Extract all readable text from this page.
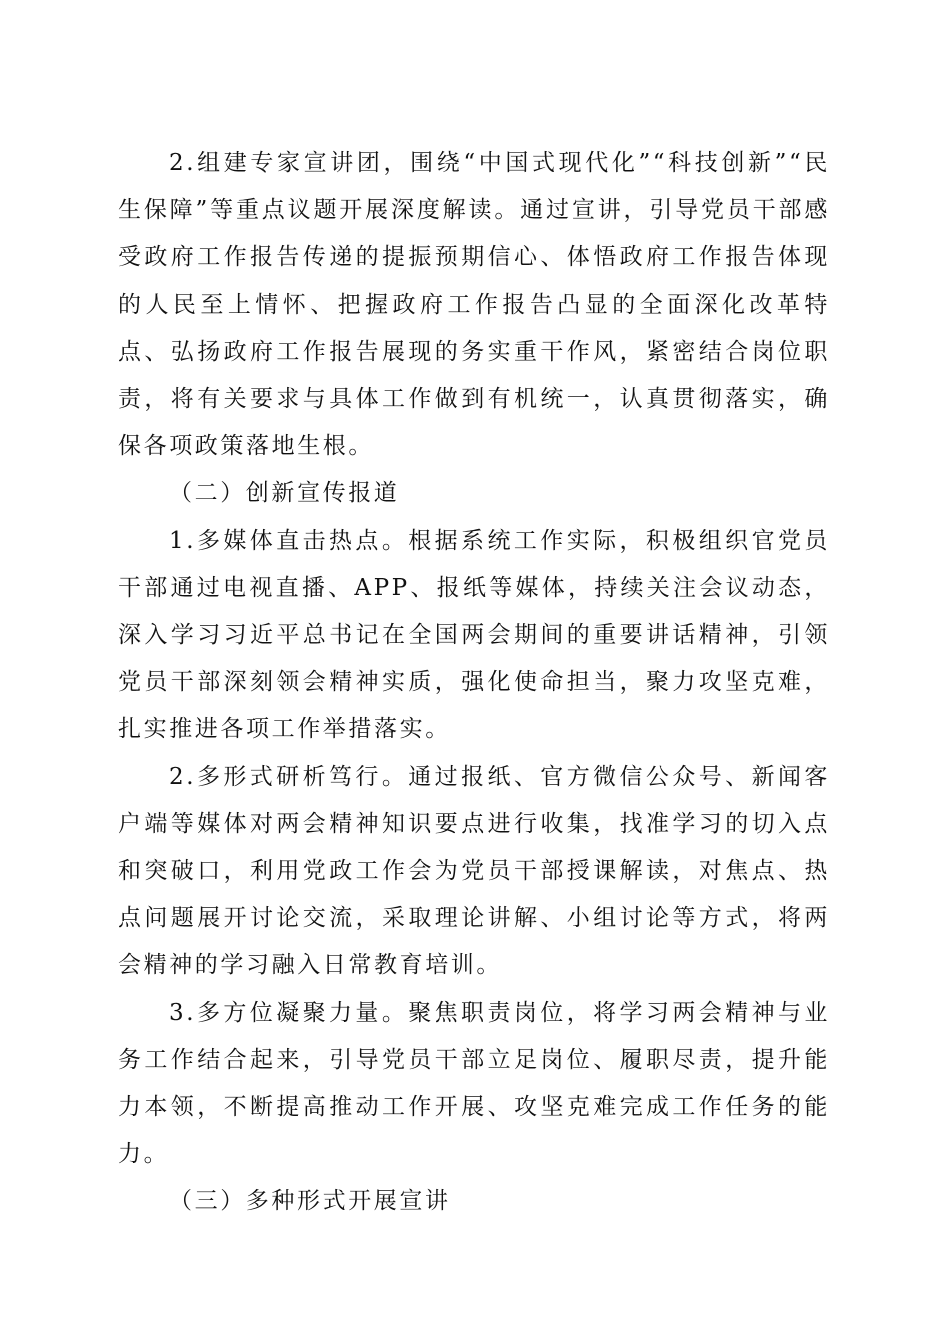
2.组建专家宣讲团，围绕“中国式现代化”“科技创新”“民生保障”等重点议题开展深度解读。通过宣讲，引导党员干部感受政府工作报告传递的提振预期信心、体悟政府工作报告体现的人民至上情怀、把握政府工作报告凸显的全面深化改革特点、弘扬政府工作报告展现的务实重干作风，紧密结合岗位职责，将有关要求与具体工作做到有机统一，认真贯彻落实，确保各项政策落地生根。

（二）创新宣传报道

1.多媒体直击热点。根据系统工作实际，积极组织官党员干部通过电视直播、APP、报纸等媒体，持续关注会议动态，深入学习习近平总书记在全国两会期间的重要讲话精神，引领党员干部深刻领会精神实质，强化使命担当，聚力攻坚克难，扎实推进各项工作举措落实。

2.多形式研析笃行。通过报纸、官方微信公众号、新闻客户端等媒体对两会精神知识要点进行收集，找准学习的切入点和突破口，利用党政工作会为党员干部授课解读，对焦点、热点问题展开讨论交流，采取理论讲解、小组讨论等方式，将两会精神的学习融入日常教育培训。

3.多方位凝聚力量。聚焦职责岗位，将学习两会精神与业务工作结合起来，引导党员干部立足岗位、履职尽责，提升能力本领，不断提高推动工作开展、攻坚克难完成工作任务的能力。

（三）多种形式开展宣讲
